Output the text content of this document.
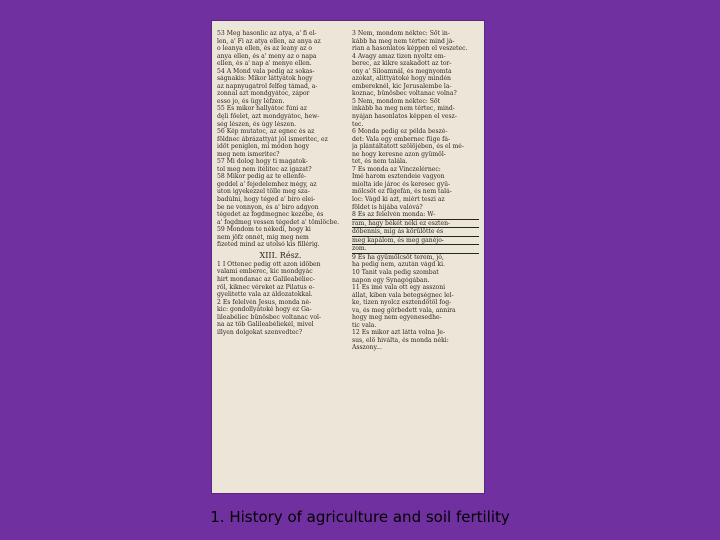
53 Meg hasonlic az atya, a' fi el-
len, a' Fi az atya ellen, az anya az
o leanya ellen, és az leany az o
anya ellen, és a' meny az o napa
ellen, és a' nap a' menye ellen.
54 A Mond vala pedig az sokas-
ságnakis: Mikor láttyátok hogy
az napnyugatrol felfeg támad, a-
zonnal azt mondgyátoc, zápor
esso jo, és ügy léfzen.
55 Es mikor hallyátoc fúni az
dęli főelet, azt mondgyátoc, hew-
ség lészen, és úgy lészen.
56 Kép mutatoc, az egnec és az
földnec ábrázattyát jól ismeritec, ez
idöt peniglen, mi módon hogy
meg nem ismeritec?
57 Mi dolog hogy ti magatok-
tol meg nem itélitec az igazat?
58 Mikor pedig az te ellenfé-
geddel a' fejedelemhez mégy, az
uton igyekezzel tölle meg sza-
badúlni, hogy téged a' biro elei-
be ne vonnyon, és a' biro adgyon
tégedet az fogdmegnec kezébe, és
a' fogdmeg vessen tégedet a' tömlöcbe.
59 Mondom te nékedi, hogy ki
nem jöfz onnét, mig meg nem
fizeted mind az utolsó kis fillérig.
XIII. Rész.
1 I Ottenec pedig ott azon idöben
valami emberec, kic mondgyác
hirt mondanac az Galileabéliec-
röl, kiknec véreket az Pilatus e-
gyelitette vala az áldozatokkal.
2 Es felelvén Jesus, monda né-
kic: gondollyátoké hogy ez Ga-
lileabéliec bünösbec voltanac vol-
na az töb Galileabéliekél, mivel
illyen dolgokat szenvedtec?
3 Nem, mondom néktec: Sőt in-
kább ha meg nem tértec mind já-
rian a hasonlatos képpen el veszetec.
4 Avagy amaz tizen nyoltz em-
berec, az kikre szakadott az tor-
ony a' Siloamnál, és megnyomta
azokat, alittyátoké hogy mindén
embereknél, kic Jerusalembe la-
koznac, bünösbec voltanac volna?
5 Nem, mondom néktec: Sőt
inkább ha meg nem tértec, mind-
nyájan hasonlatos képpen el vesz-
tec.
6 Monda pedig ez példa beszé-
det: Vala egy embernec füge fá-
ja plántáltatott szölöjében, és el mé-
ne hogy keresne azon gyümöl-
tet, és nem talála.
7 Es monda az Vinczelérnec:
Imé harom esztendeie vagyon
miolta ide jároc és keresec gyü-
mölcsöt ez fügefán, és nem talá-
loc: Vágd ki azt, miért teszi az
földet is hijába valóvá?
8 Es az felelvén monda: W-
ram, hagy békét néki ez eszten-
döbennis, mig ás körülötte és
meg kapálom, és meg ganéjo-
zom.
9 Es ha gyümölcsöt terem, jó,
ha pedig nem, azután vágd ki.
10 Tanit vala pedig szombat
napon egy Synagógában.
11 Es imé vala ott egy asszoni
állat, kiben vala betegségnec lel-
ke, tizen nyolcz esztendötöl fog-
va, és meg görbedett vala, annira
hogy meg nem egyenesedhe-
tic vala.
12 Es mikor azt látta volna Je-
sus, elö hiválta, és monda néki:
Asszony...
1. History of agriculture and soil fertility
